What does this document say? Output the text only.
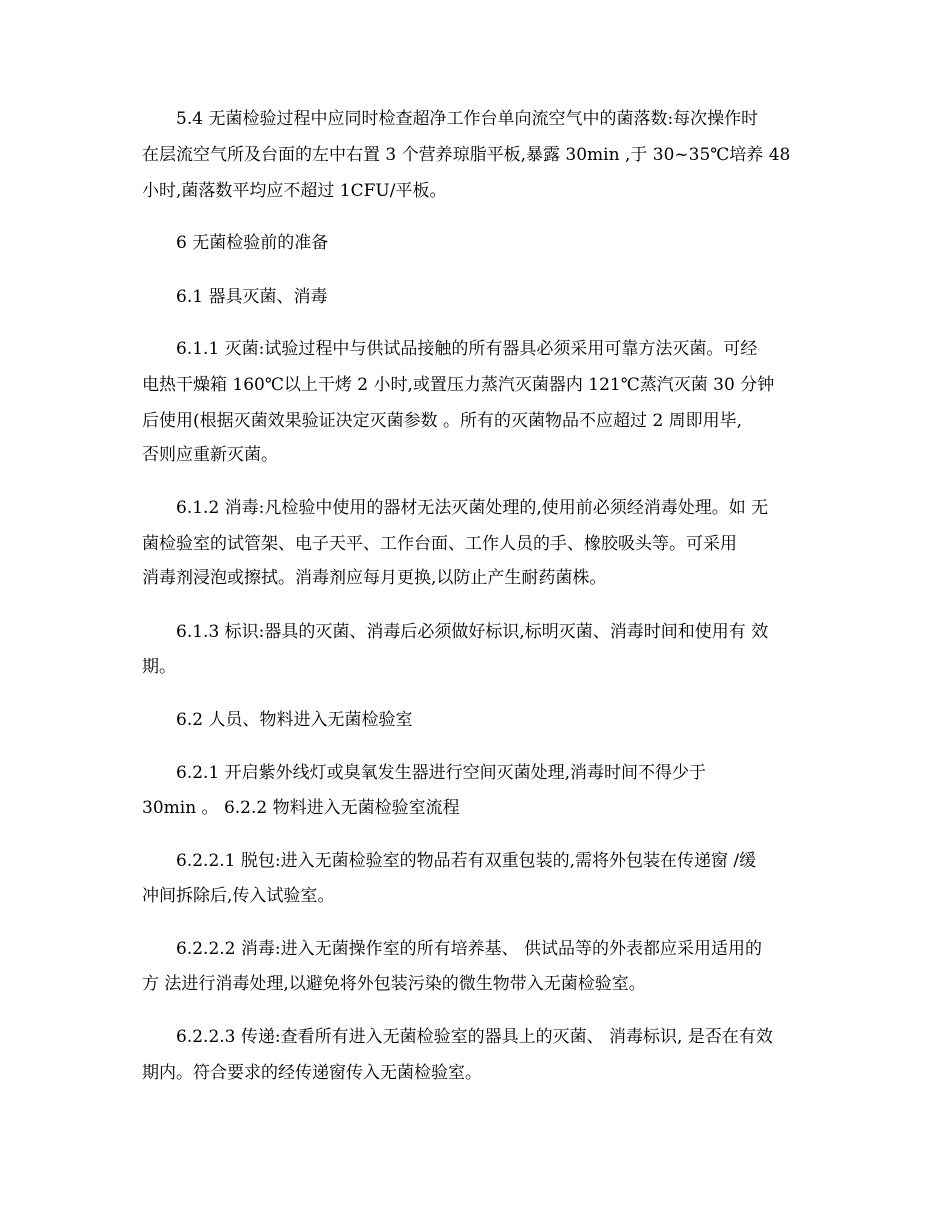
5.4 无菌检验过程中应同时检查超净工作台单向流空气中的菌落数:每次操作时
在层流空气所及台面的左中右置 3 个营养琼脂平板,暴露 30min ,于 30~35℃培养 48
小时,菌落数平均应不超过 1CFU/平板。
6 无菌检验前的准备
6.1 器具灭菌、消毒
6.1.1 灭菌:试验过程中与供试品接触的所有器具必须采用可靠方法灭菌。可经
电热干燥箱 160℃以上干烤 2 小时,或置压力蒸汽灭菌器内 121℃蒸汽灭菌 30 分钟
后使用(根据灭菌效果验证决定灭菌参数 。所有的灭菌物品不应超过 2 周即用毕,
否则应重新灭菌。
6.1.2 消毒:凡检验中使用的器材无法灭菌处理的,使用前必须经消毒处理。如 无
菌检验室的试管架、电子天平、工作台面、工作人员的手、橡胶吸头等。可采用
消毒剂浸泡或擦拭。消毒剂应每月更换,以防止产生耐药菌株。
6.1.3 标识:器具的灭菌、消毒后必须做好标识,标明灭菌、消毒时间和使用有 效
期。
6.2 人员、物料进入无菌检验室
6.2.1 开启紫外线灯或臭氧发生器进行空间灭菌处理,消毒时间不得少于
30min 。 6.2.2 物料进入无菌检验室流程
6.2.2.1 脱包:进入无菌检验室的物品若有双重包装的,需将外包装在传递窗 /缓
冲间拆除后,传入试验室。
6.2.2.2 消毒:进入无菌操作室的所有培养基、 供试品等的外表都应采用适用的
方 法进行消毒处理,以避免将外包装污染的微生物带入无菌检验室。
6.2.2.3 传递:查看所有进入无菌检验室的器具上的灭菌、 消毒标识, 是否在有效
期内。符合要求的经传递窗传入无菌检验室。
